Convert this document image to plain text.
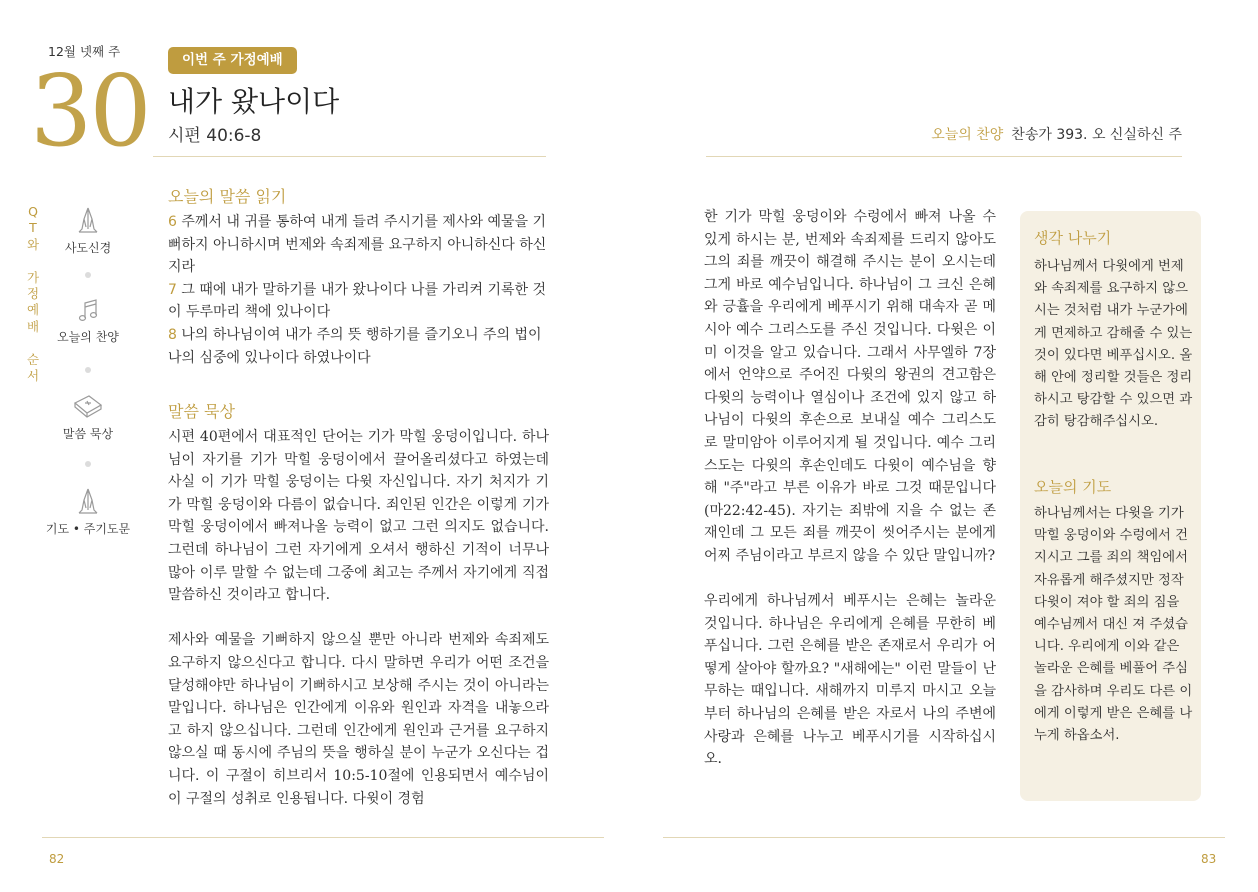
12월 넷째 주
30	이번 주 가정예배
내가 왔나이다
시편 40:6-8
Q
T
와

가
정
예
배

순
서
사도신경
오늘의 찬양
말씀 묵상
기도 • 주기도문
오늘의 말씀 읽기
6 주께서 내 귀를 통하여 내게 들려 주시기를 제사와 예물을 기뻐하지 아니하시며 번제와 속죄제를 요구하지 아니하신다 하신지라
7 그 때에 내가 말하기를 내가 왔나이다 나를 가리켜 기록한 것이 두루마리 책에 있나이다
8 나의 하나님이여 내가 주의 뜻 행하기를 즐기오니 주의 법이 나의 심중에 있나이다 하였나이다
말씀 묵상

시편 40편에서 대표적인 단어는 기가 막힐 웅덩이입니다. 하나님이 자기를 기가 막힐 웅덩이에서 끌어올리셨다고 하였는데 사실 이 기가 막힐 웅덩이는 다윗 자신입니다. 자기 처지가 기가 막힐 웅덩이와 다름이 없습니다. 죄인된 인간은 이렇게 기가 막힐 웅덩이에서 빠져나올 능력이 없고 그런 의지도 없습니다. 그런데 하나님이 그런 자기에게 오셔서 행하신 기적이 너무나 많아 이루 말할 수 없는데 그중에 최고는 주께서 자기에게 직접 말씀하신 것이라고 합니다.

제사와 예물을 기뻐하지 않으실 뿐만 아니라 번제와 속죄제도 요구하지 않으신다고 합니다. 다시 말하면 우리가 어떤 조건을 달성해야만 하나님이 기뻐하시고 보상해 주시는 것이 아니라는 말입니다. 하나님은 인간에게 이유와 원인과 자격을 내놓으라고 하지 않으십니다. 그런데 인간에게 원인과 근거를 요구하지 않으실 때 동시에 주님의 뜻을 행하실 분이 누군가 오신다는 겁니다. 이 구절이 히브리서 10:5-10절에 인용되면서 예수님이 이 구절의 성취로 인용됩니다. 다윗이 경험

82
오늘의 찬양 찬송가 393. 오 신실하신 주

한 기가 막힐 웅덩이와 수렁에서 빠져 나올 수 있게 하시는 분, 번제와 속죄제를 드리지 않아도 그의 죄를 깨끗이 해결해 주시는 분이 오시는데 그게 바로 예수님입니다. 하나님이 그 크신 은혜와 긍휼을 우리에게 베푸시기 위해 대속자 곧 메시아 예수 그리스도를 주신 것입니다. 다윗은 이미 이것을 알고 있습니다. 그래서 사무엘하 7장에서 언약으로 주어진 다윗의 왕권의 견고함은 다윗의 능력이나 열심이나 조건에 있지 않고 하나님이 다윗의 후손으로 보내실 예수 그리스도로 말미암아 이루어지게 될 것입니다. 예수 그리스도는 다윗의 후손인데도 다윗이 예수님을 향해 "주"라고 부른 이유가 바로 그것 때문입니다(마22:42-45). 자기는 죄밖에 지을 수 없는 존재인데 그 모든 죄를 깨끗이 씻어주시는 분에게 어찌 주님이라고 부르지 않을 수 있단 말입니까?

우리에게 하나님께서 베푸시는 은혜는 놀라운 것입니다. 하나님은 우리에게 은혜를 무한히 베푸십니다. 그런 은혜를 받은 존재로서 우리가 어떻게 살아야 할까요? "새해에는" 이런 말들이 난무하는 때입니다. 새해까지 미루지 마시고 오늘부터 하나님의 은혜를 받은 자로서 나의 주변에 사랑과 은혜를 나누고 베푸시기를 시작하십시오.

생각 나누기
하나님께서 다윗에게 번제와 속죄제를 요구하지 않으시는 것처럼 내가 누군가에게 면제하고 감해줄 수 있는 것이 있다면 베푸십시오. 올해 안에 정리할 것들은 정리하시고 탕감할 수 있으면 과감히 탕감해주십시오.
오늘의 기도
하나님께서는 다윗을 기가 막힐 웅덩이와 수렁에서 건지시고 그를 죄의 책임에서 자유롭게 해주셨지만 정작 다윗이 져야 할 죄의 짐을 예수님께서 대신 져 주셨습니다. 우리에게 이와 같은 놀라운 은혜를 베풀어 주심을 감사하며 우리도 다른 이에게 이렇게 받은 은혜를 나누게 하옵소서.
83
